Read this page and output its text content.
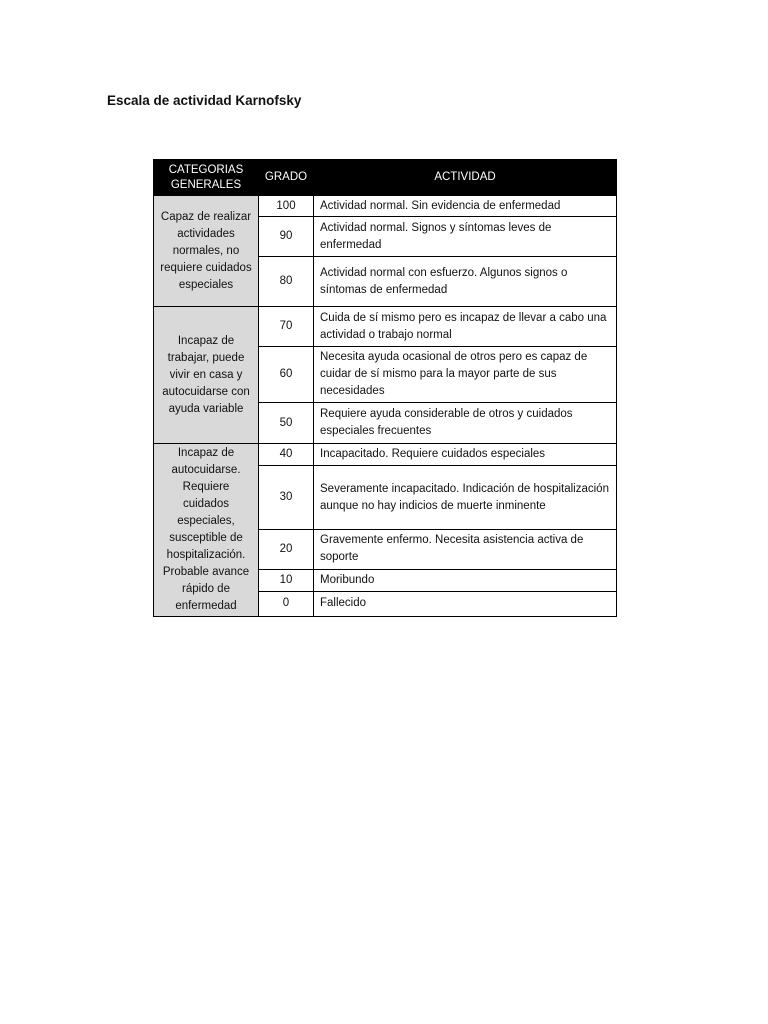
Escala de actividad Karnofsky
CATEGORIAS GENERALES	GRADO	ACTIVIDAD
Capaz de realizar actividades normales, no requiere cuidados especiales	100	Actividad normal. Sin evidencia de enfermedad
	90	Actividad normal. Signos y síntomas leves de enfermedad
	80	Actividad normal con esfuerzo. Algunos signos o síntomas de enfermedad
Incapaz de trabajar, puede vivir en casa y autocuidarse con ayuda variable	70	Cuida de sí mismo pero es incapaz de llevar a cabo una actividad o trabajo normal
	60	Necesita ayuda ocasional de otros pero es capaz de cuidar de sí mismo para la mayor parte de sus necesidades
	50	Requiere ayuda considerable de otros y cuidados especiales frecuentes
Incapaz de autocuidarse. Requiere cuidados especiales, susceptible de hospitalización. Probable avance rápido de enfermedad	40	Incapacitado. Requiere cuidados especiales
	30	Severamente incapacitado. Indicación de hospitalización aunque no hay indicios de muerte inminente
	20	Gravemente enfermo. Necesita asistencia activa de soporte
	10	Moribundo
	0	Fallecido
